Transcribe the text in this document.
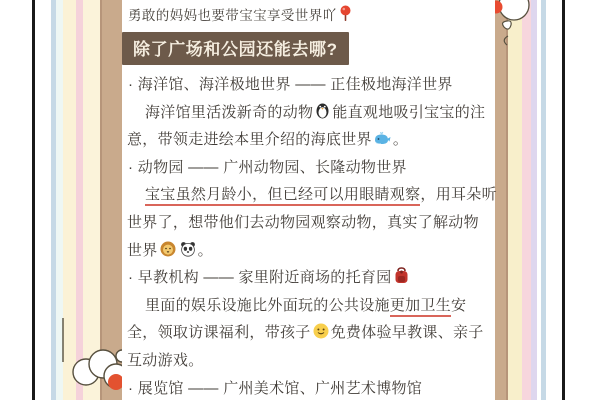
勇敢的妈妈也要带宝宝享受世界吖
除了广场和公园还能去哪?
· 海洋馆、海洋极地世界 —— 正佳极地海洋世界
海洋馆里活泼新奇的动物 能直观地吸引宝宝的注
意，带领走进绘本里介绍的海底世界 。
· 动物园 —— 广州动物园、长隆动物世界
宝宝虽然月龄小，但已经可以用眼睛观察，用耳朵听
世界了，想带他们去动物园观察动物，真实了解动物
世界	。
· 早教机构 —— 家里附近商场的托育园
里面的娱乐设施比外面玩的公共设施更加卫生安
全，领取访课福利，带孩子 免费体验早教课、亲子
互动游戏。
· 展览馆 —— 广州美术馆、广州艺术博物馆
